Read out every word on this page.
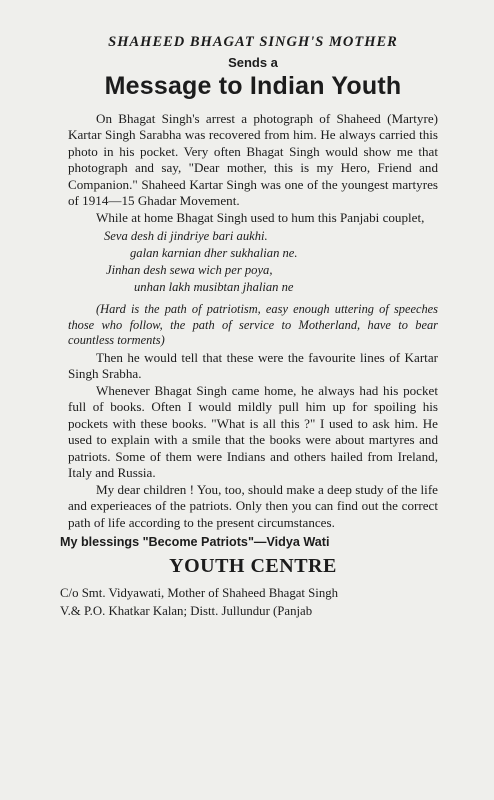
SHAHEED BHAGAT SINGH'S MOTHER

Sends a
Message to Indian Youth

On Bhagat Singh's arrest a photograph of Shaheed (Martyre) Kartar Singh Sarabha was recovered from him. He always carried this photo in his pocket. Very often Bhagat Singh would show me that photograph and say, "Dear mother, this is my Hero, Friend and Companion." Shaheed Kartar Singh was one of the youngest martyres of 1914—15 Ghadar Movement.

While at home Bhagat Singh used to hum this Panjabi couplet,

Seva desh di jindriye bari aukhi.
galan karnian dher sukhalian ne.
Jinhan desh sewa wich per poya,
unhan lakh musibtan jhalian ne

(Hard is the path of patriotism, easy enough uttering of speeches those who follow, the path of service to Motherland, have to bear countless torments)

Then he would tell that these were the favourite lines of Kartar Singh Srabha.

Whenever Bhagat Singh came home, he always had his pocket full of books. Often I would mildly pull him up for spoiling his pockets with these books. "What is all this ?" I used to ask him. He used to explain with a smile that the books were about martyres and patriots. Some of them were Indians and others hailed from Ireland, Italy and Russia.

My dear children ! You, too, should make a deep study of the life and experieaces of the patriots. Only then you can find out the correct path of life according to the present circumstances.

My blessings "Become Patriots"—Vidya Wati
YOUTH CENTRE
C/o Smt. Vidyawati, Mother of Shaheed Bhagat Singh
V.& P.O. Khatkar Kalan; Distt. Jullundur (Panjab
